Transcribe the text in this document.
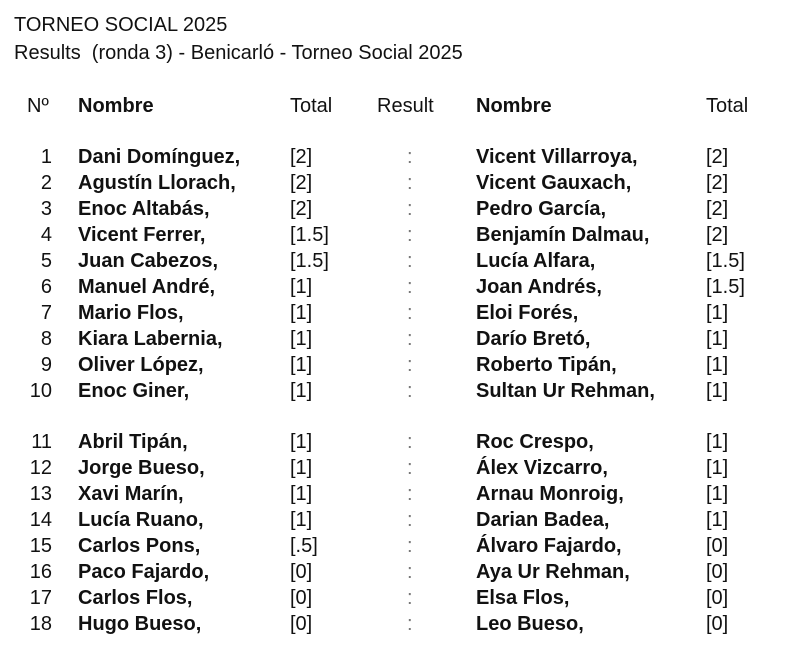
TORNEO SOCIAL 2025
Results  (ronda 3) - Benicarló - Torneo Social 2025
Nº Nombre	Total Result Nombre	Total
1 Dani Domínguez, [2]	:	Vicent Villarroya,	[2]
2 Agustín Llorach,	[2]	:	Vicent Gauxach,	[2]
3 Enoc Altabás,	[2]	:	Pedro García,	[2]
4 Vicent Ferrer,	[1.5]	:	Benjamín Dalmau,	[2]
5 Juan Cabezos,	[1.5]	:	Lucía Alfara,	[1.5]
6 Manuel André,	[1]	:	Joan Andrés,	[1.5]
7 Mario Flos,	[1]	:	Eloi Forés,	[1]
8 Kiara Labernia,	[1]	:	Darío Bretó,	[1]
9 Oliver López,	[1]	:	Roberto Tipán,	[1]
10 Enoc Giner,	[1]	:	Sultan Ur Rehman,	[1]
11 Abril Tipán,	[1]	:	Roc Crespo,	[1]
12 Jorge Bueso,	[1]	:	Álex Vizcarro,	[1]
13 Xavi Marín,	[1]	:	Arnau Monroig,	[1]
14 Lucía Ruano,	[1]	:	Darian Badea,	[1]
15 Carlos Pons,	[.5]	:	Álvaro Fajardo,	[0]
16 Paco Fajardo,	[0]	:	Aya Ur Rehman,	[0]
17 Carlos Flos,	[0]	:	Elsa Flos,	[0]
18 Hugo Bueso,	[0]	:	Leo Bueso,	[0]
